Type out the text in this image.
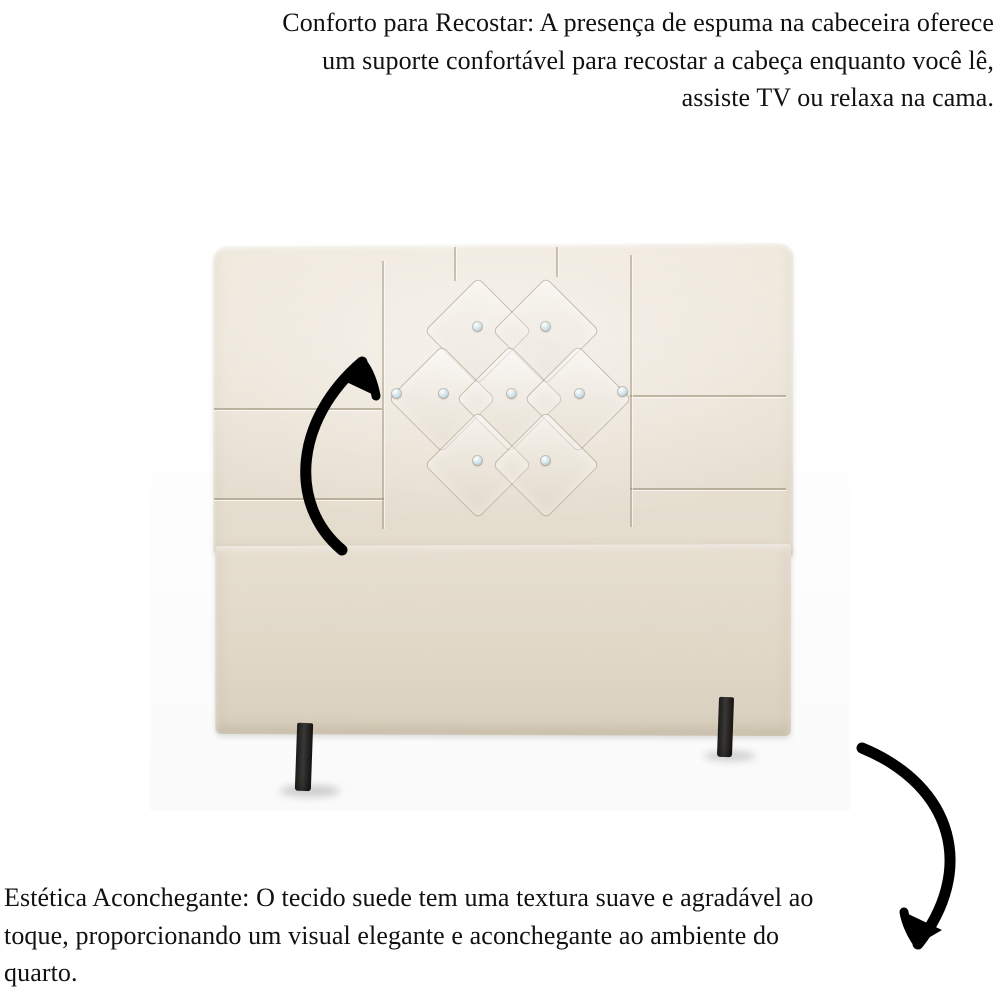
Conforto para Recostar: A presença de espuma na cabeceira oferece um suporte confortável para recostar a cabeça enquanto você lê, assiste TV ou relaxa na cama.
Estética Aconchegante: O tecido suede tem uma textura suave e agradável ao toque, proporcionando um visual elegante e aconchegante ao ambiente do quarto.
